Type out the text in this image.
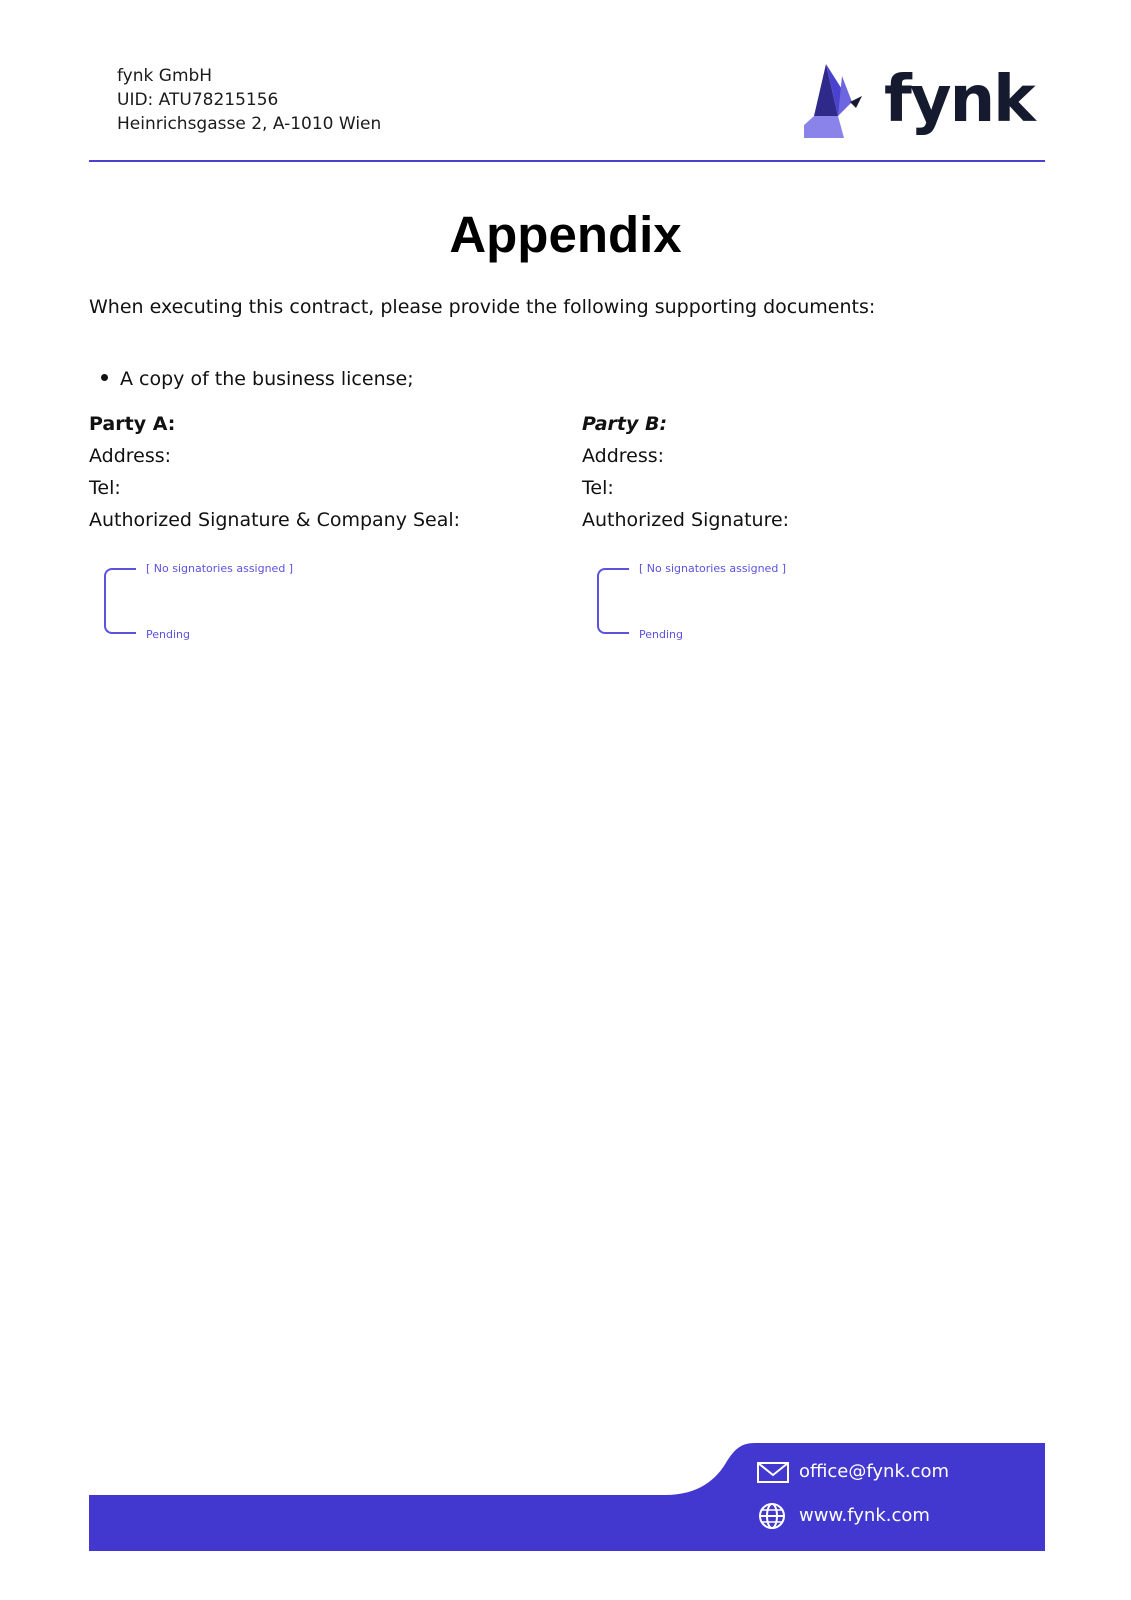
fynk GmbH
UID: ATU78215156
Heinrichsgasse 2, A-1010 Wien	fynk
Appendix
When executing this contract, please provide the following supporting documents:
A copy of the business license;
Party A:
Address:
Tel:
Authorized Signature & Company Seal:
Party B:
Address:
Tel:
Authorized Signature:
[ No signatories assigned ]
Pending
[ No signatories assigned ]
Pending
office@fynk.com
www.fynk.com
